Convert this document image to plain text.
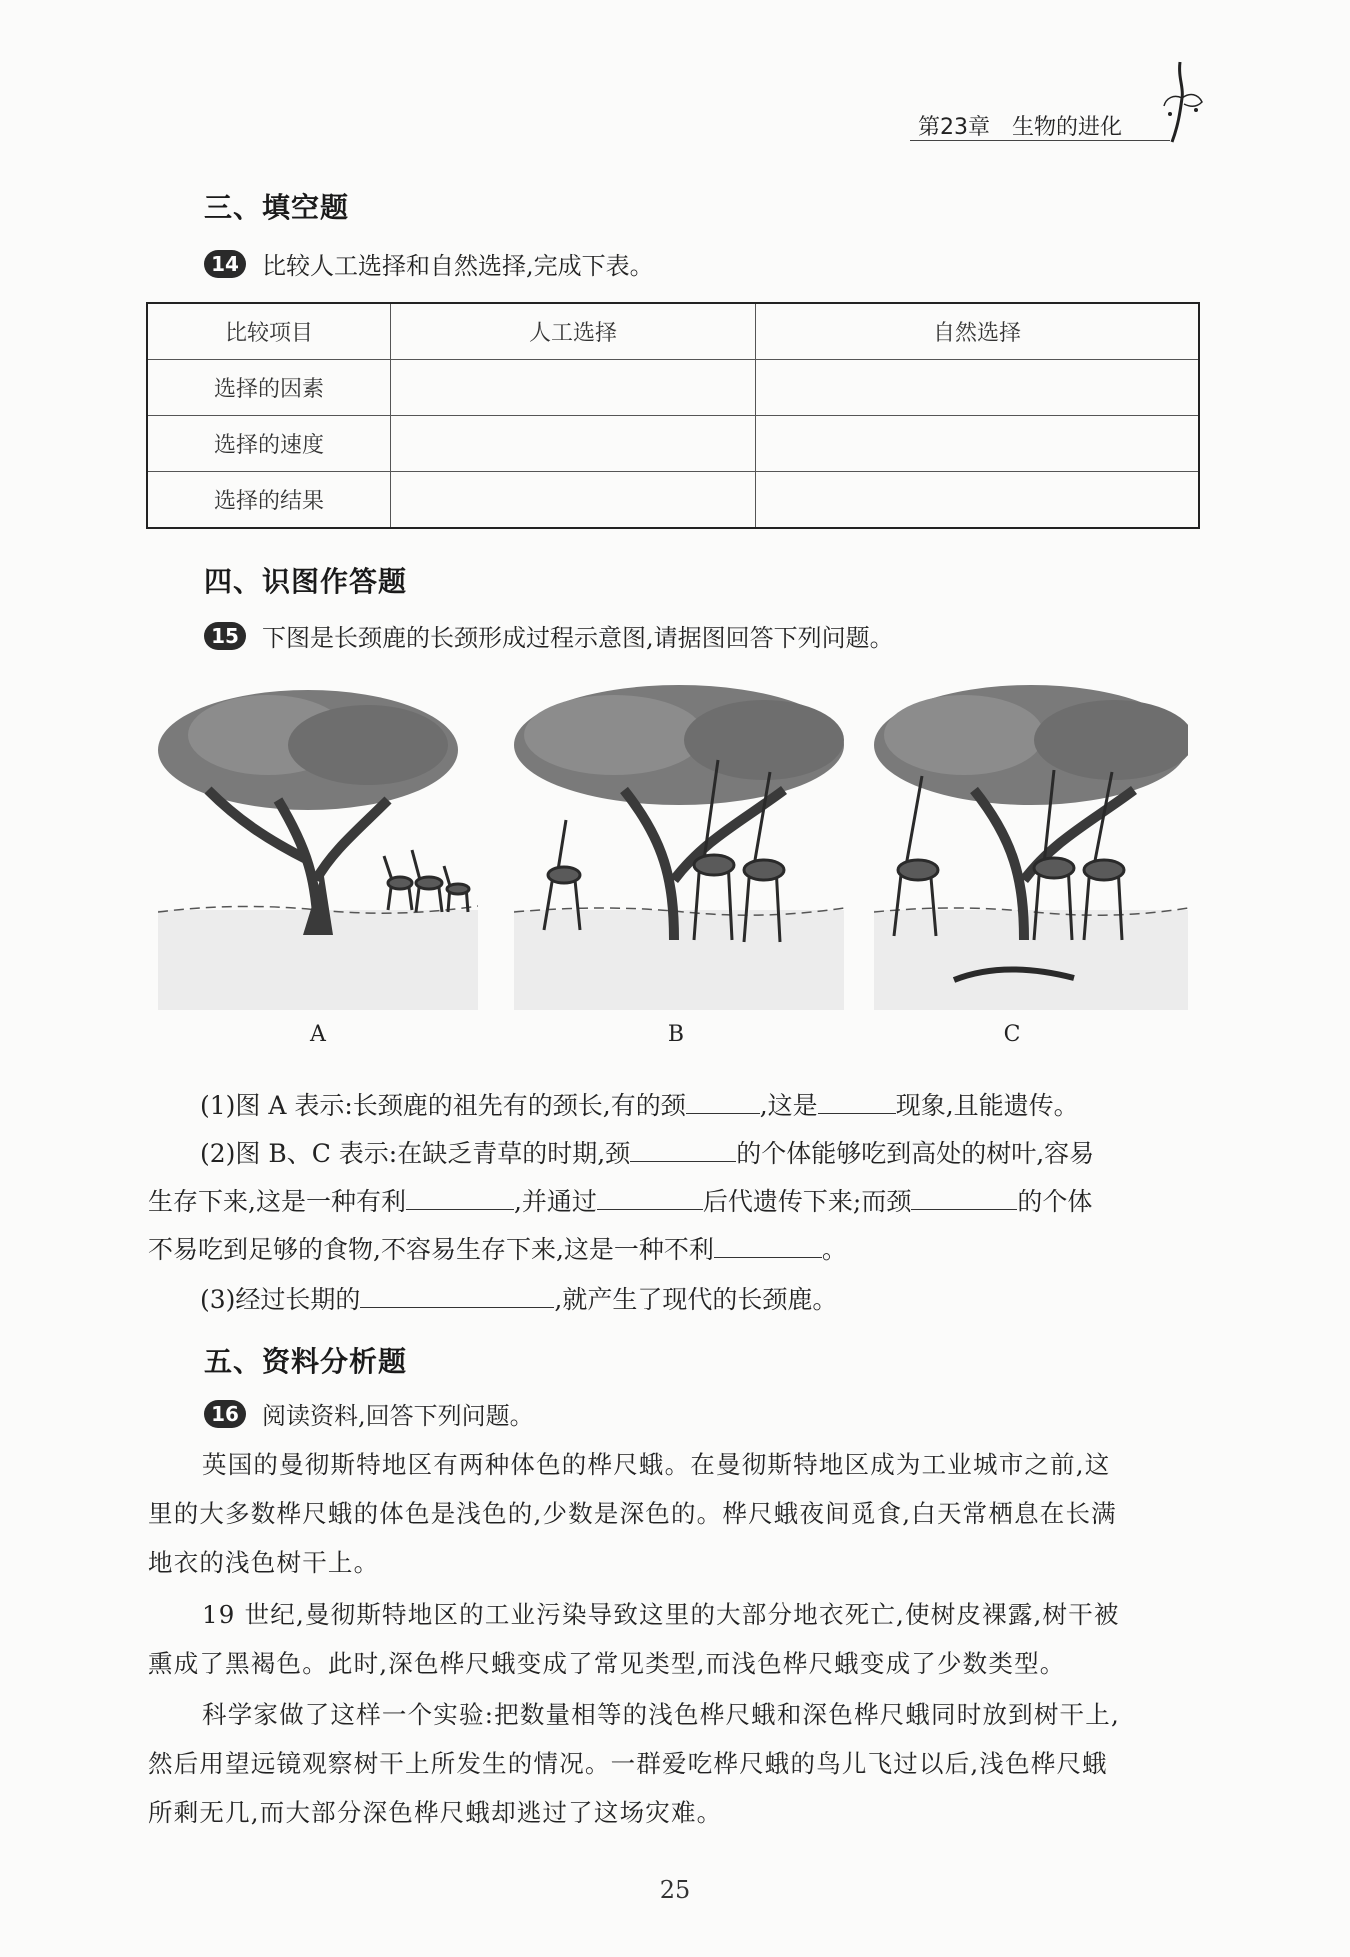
第23章 生物的进化
三、填空题
14 比较人工选择和自然选择,完成下表。
比较项目	人工选择	自然选择
选择的因素		
选择的速度		
选择的结果		
四、识图作答题
15 下图是长颈鹿的长颈形成过程示意图,请据图回答下列问题。
A	B	C
(1)图 A 表示:长颈鹿的祖先有的颈长,有的颈	,这是	现象,且能遗传。
(2)图 B、C 表示:在缺乏青草的时期,颈	的个体能够吃到高处的树叶,容易
生存下来,这是一种有利	,并通过	后代遗传下来;而颈	的个体
不易吃到足够的食物,不容易生存下来,这是一种不利	。
(3)经过长期的	,就产生了现代的长颈鹿。
五、资料分析题
16 阅读资料,回答下列问题。
英国的曼彻斯特地区有两种体色的桦尺蛾。在曼彻斯特地区成为工业城市之前,这
里的大多数桦尺蛾的体色是浅色的,少数是深色的。桦尺蛾夜间觅食,白天常栖息在长满
地衣的浅色树干上。
19 世纪,曼彻斯特地区的工业污染导致这里的大部分地衣死亡,使树皮裸露,树干被
熏成了黑褐色。此时,深色桦尺蛾变成了常见类型,而浅色桦尺蛾变成了少数类型。
科学家做了这样一个实验:把数量相等的浅色桦尺蛾和深色桦尺蛾同时放到树干上,
然后用望远镜观察树干上所发生的情况。一群爱吃桦尺蛾的鸟儿飞过以后,浅色桦尺蛾
所剩无几,而大部分深色桦尺蛾却逃过了这场灾难。
25
